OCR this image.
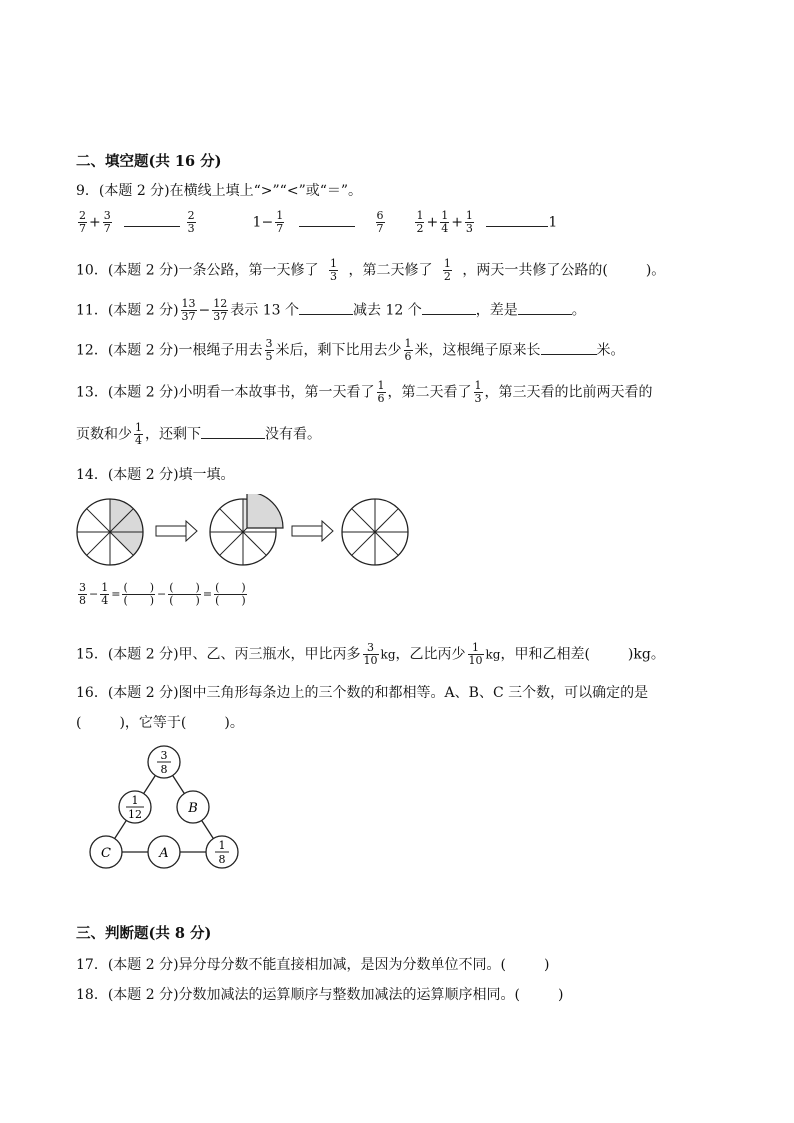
二、填空题(共 16 分)
9．(本题 2 分)在横线上填上“>”“<”或“＝”。
$\frac{2}{7} + \frac{3}{7}$
	$\frac{2}{3}$	$1- \frac{1}{7}$
	$\frac{6}{7}$
	$\frac{1}{2} + \frac{1}{4} + \frac{1}{3}$	1
10．(本题 2 分)一条公路，第一天修了 $\frac{1}{3}$ ，第二天修了 $\frac{1}{2}$ ，两天一共修了公路的(	)。
11．(本题 2 分) $\frac{13}{37} - \frac{12}{37}$ 表示 13 个	减去 12 个	，差是	。
12．(本题 2 分)一根绳子用去 $\frac{3}{5}$ 米后，剩下比用去少 $\frac{1}{6}$ 米，这根绳子原来长	米。
13．(本题 2 分)小明看一本故事书，第一天看了 $\frac{1}{6}$ ，第二天看了 $\frac{1}{3}$ ，第三天看的比前两天看的
页数和少 $\frac{1}{4}$ ，还剩下	没有看。
14．(本题 2 分)填一填。
$\frac{3}{8} - \frac{1}{4} = \frac{( )}{( )} - \frac{( )}{( )} = \frac{( )}{( )}$
15．(本题 2 分)甲、乙、丙三瓶水，甲比丙多 $\frac{3}{10}$ kg，乙比丙少 $\frac{1}{10}$ kg，甲和乙相差(	)kg。
16．(本题 2 分)图中三角形每条边上的三个数的和都相等。A、B、C 三个数，可以确定的是
(	)，它等于(	)。
3
8
1
12	B
C	A
1
8
三、判断题(共 8 分)
17．(本题 2 分)异分母分数不能直接相加减，是因为分数单位不同。(	)
18．(本题 2 分)分数加减法的运算顺序与整数加减法的运算顺序相同。(	)
